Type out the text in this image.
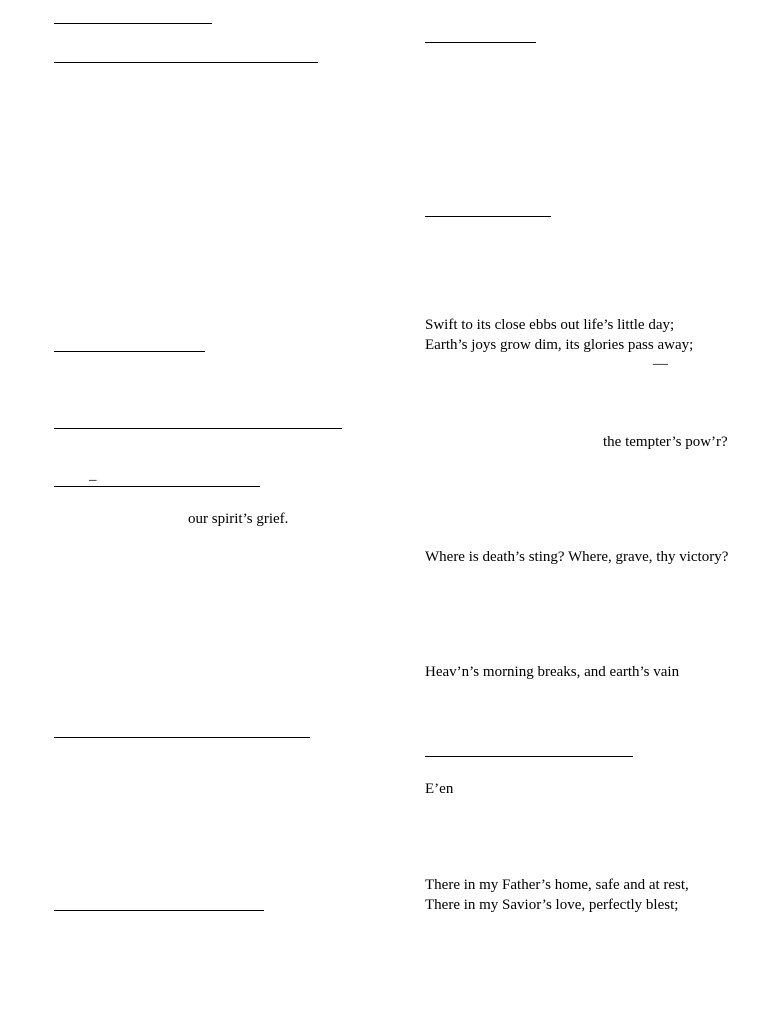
–
our spirit’s grief.
Swift to its close ebbs out life’s little day;
Earth’s joys grow dim, its glories pass away;
—
the tempter’s pow’r?
Where is death’s sting? Where, grave, thy victory?
Heav’n’s morning breaks, and earth’s vain
E’en
There in my Father’s home, safe and at rest,
There in my Savior’s love, perfectly blest;
